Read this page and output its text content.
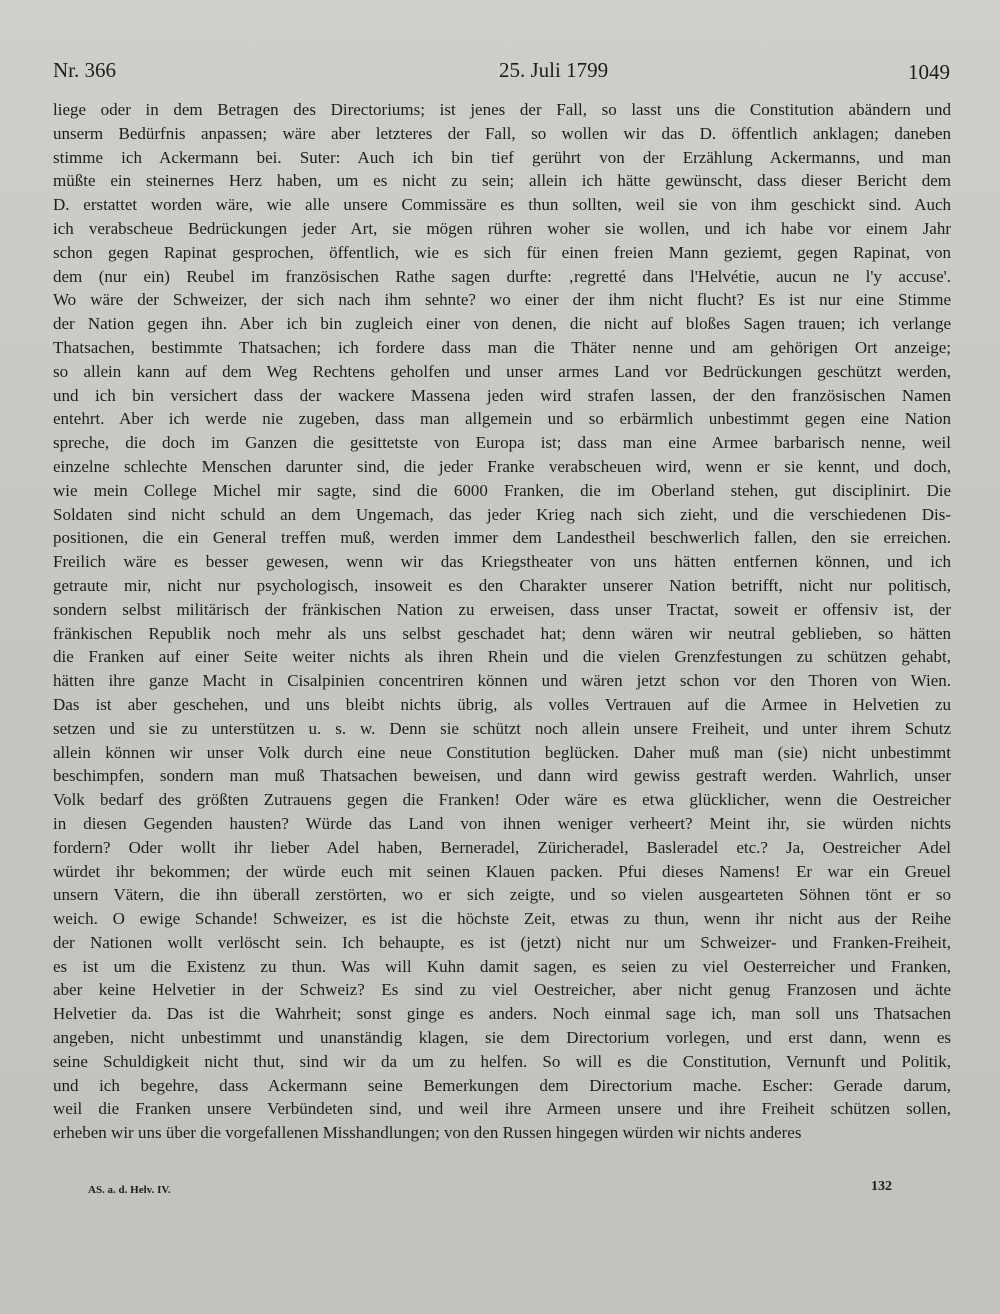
Nr. 366	25. Juli 1799	1049
liege oder in dem Betragen des Directoriums; ist jenes der Fall, so lasst uns die Constitution abändern und
unserm Bedürfnis anpassen; wäre aber letzteres der Fall, so wollen wir das D. öffentlich anklagen; daneben
stimme ich Ackermann bei. Suter: Auch ich bin tief gerührt von der Erzählung Ackermanns, und man
müßte ein steinernes Herz haben, um es nicht zu sein; allein ich hätte gewünscht, dass dieser Bericht dem
D. erstattet worden wäre, wie alle unsere Commissäre es thun sollten, weil sie von ihm geschickt sind. Auch
ich verabscheue Bedrückungen jeder Art, sie mögen rühren woher sie wollen, und ich habe vor einem Jahr
schon gegen Rapinat gesprochen, öffentlich, wie es sich für einen freien Mann geziemt, gegen Rapinat, von
dem (nur ein) Reubel im französischen Rathe sagen durfte: ‚regretté dans l'Helvétie, aucun ne l'y accuse'.
Wo wäre der Schweizer, der sich nach ihm sehnte? wo einer der ihm nicht flucht? Es ist nur eine Stimme
der Nation gegen ihn. Aber ich bin zugleich einer von denen, die nicht auf bloßes Sagen trauen; ich verlange
Thatsachen, bestimmte Thatsachen; ich fordere dass man die Thäter nenne und am gehörigen Ort anzeige;
so allein kann auf dem Weg Rechtens geholfen und unser armes Land vor Bedrückungen geschützt werden,
und ich bin versichert dass der wackere Massena jeden wird strafen lassen, der den französischen Namen
entehrt. Aber ich werde nie zugeben, dass man allgemein und so erbärmlich unbestimmt gegen eine Nation
spreche, die doch im Ganzen die gesittetste von Europa ist; dass man eine Armee barbarisch nenne, weil
einzelne schlechte Menschen darunter sind, die jeder Franke verabscheuen wird, wenn er sie kennt, und doch,
wie mein College Michel mir sagte, sind die 6000 Franken, die im Oberland stehen, gut disciplinirt. Die
Soldaten sind nicht schuld an dem Ungemach, das jeder Krieg nach sich zieht, und die verschiedenen Dis-
positionen, die ein General treffen muß, werden immer dem Landestheil beschwerlich fallen, den sie erreichen.
Freilich wäre es besser gewesen, wenn wir das Kriegstheater von uns hätten entfernen können, und ich
getraute mir, nicht nur psychologisch, insoweit es den Charakter unserer Nation betrifft, nicht nur politisch,
sondern selbst militärisch der fränkischen Nation zu erweisen, dass unser Tractat, soweit er offensiv ist, der
fränkischen Republik noch mehr als uns selbst geschadet hat; denn wären wir neutral geblieben, so hätten
die Franken auf einer Seite weiter nichts als ihren Rhein und die vielen Grenzfestungen zu schützen gehabt,
hätten ihre ganze Macht in Cisalpinien concentriren können und wären jetzt schon vor den Thoren von Wien.
Das ist aber geschehen, und uns bleibt nichts übrig, als volles Vertrauen auf die Armee in Helvetien zu
setzen und sie zu unterstützen u. s. w. Denn sie schützt noch allein unsere Freiheit, und unter ihrem Schutz
allein können wir unser Volk durch eine neue Constitution beglücken. Daher muß man (sie) nicht unbestimmt
beschimpfen, sondern man muß Thatsachen beweisen, und dann wird gewiss gestraft werden. Wahrlich, unser
Volk bedarf des größten Zutrauens gegen die Franken! Oder wäre es etwa glücklicher, wenn die Oestreicher
in diesen Gegenden hausten? Würde das Land von ihnen weniger verheert? Meint ihr, sie würden nichts
fordern? Oder wollt ihr lieber Adel haben, Berneradel, Züricheradel, Basleradel etc.? Ja, Oestreicher Adel
würdet ihr bekommen; der würde euch mit seinen Klauen packen. Pfui dieses Namens! Er war ein Greuel
unsern Vätern, die ihn überall zerstörten, wo er sich zeigte, und so vielen ausgearteten Söhnen tönt er so
weich. O ewige Schande! Schweizer, es ist die höchste Zeit, etwas zu thun, wenn ihr nicht aus der Reihe
der Nationen wollt verlöscht sein. Ich behaupte, es ist (jetzt) nicht nur um Schweizer- und Franken-Freiheit,
es ist um die Existenz zu thun. Was will Kuhn damit sagen, es seien zu viel Oesterreicher und Franken,
aber keine Helvetier in der Schweiz? Es sind zu viel Oestreicher, aber nicht genug Franzosen und ächte
Helvetier da. Das ist die Wahrheit; sonst ginge es anders. Noch einmal sage ich, man soll uns Thatsachen
angeben, nicht unbestimmt und unanständig klagen, sie dem Directorium vorlegen, und erst dann, wenn es
seine Schuldigkeit nicht thut, sind wir da um zu helfen. So will es die Constitution, Vernunft und Politik,
und ich begehre, dass Ackermann seine Bemerkungen dem Directorium mache. Escher: Gerade darum,
weil die Franken unsere Verbündeten sind, und weil ihre Armeen unsere und ihre Freiheit schützen sollen,
erheben wir uns über die vorgefallenen Misshandlungen; von den Russen hingegen würden wir nichts anderes
AS. a. d. Helv. IV.	132
